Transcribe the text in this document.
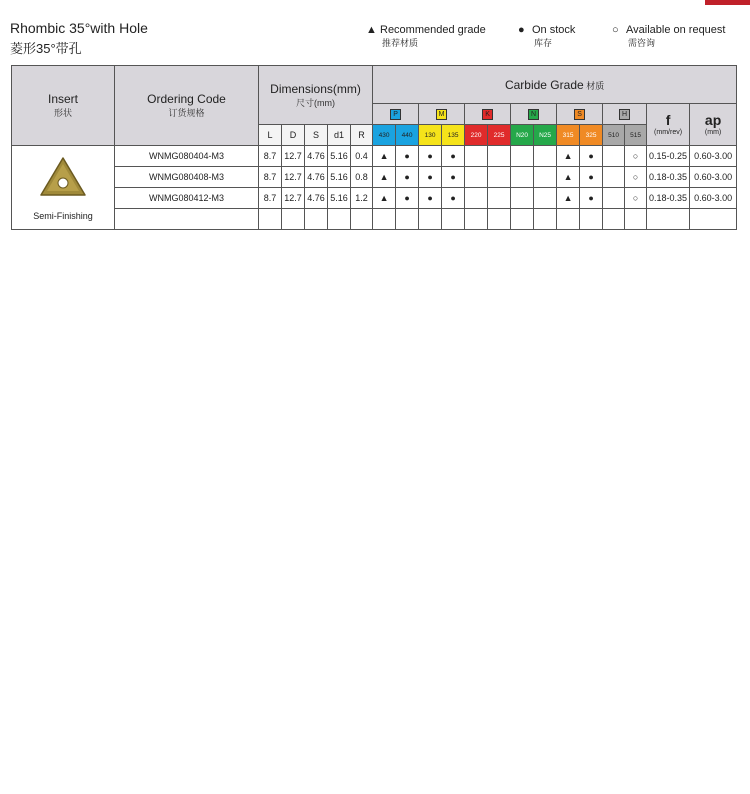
Rhombic 35°with Hole
菱形35°带孔
▲ Recommended grade
推荐材质
● On stock
库存
○ Available on request
需咨询
Insert
形状	Ordering Code
订货规格	Dimensions(mm)
尺寸(mm)					Carbide Grade 材质													
							P		M		K		N		S		H		f
(mm/rev)	ap
(mm)
							430	440	130	135	220	225	N20	N25	315	325	510	515		
		L	D	S	d1	R														

Semi-Finishing	WNMG080404-M3	8.7	12.7	4.76	5.16	0.4	▲	●	●	●					▲	●		○	0.15-0.25	0.60-3.00
	WNMG080408-M3	8.7	12.7	4.76	5.16	0.8	▲	●	●	●					▲	●		○	0.18-0.35	0.60-3.00
	WNMG080412-M3	8.7	12.7	4.76	5.16	1.2	▲	●	●	●					▲	●		○	0.18-0.35	0.60-3.00
